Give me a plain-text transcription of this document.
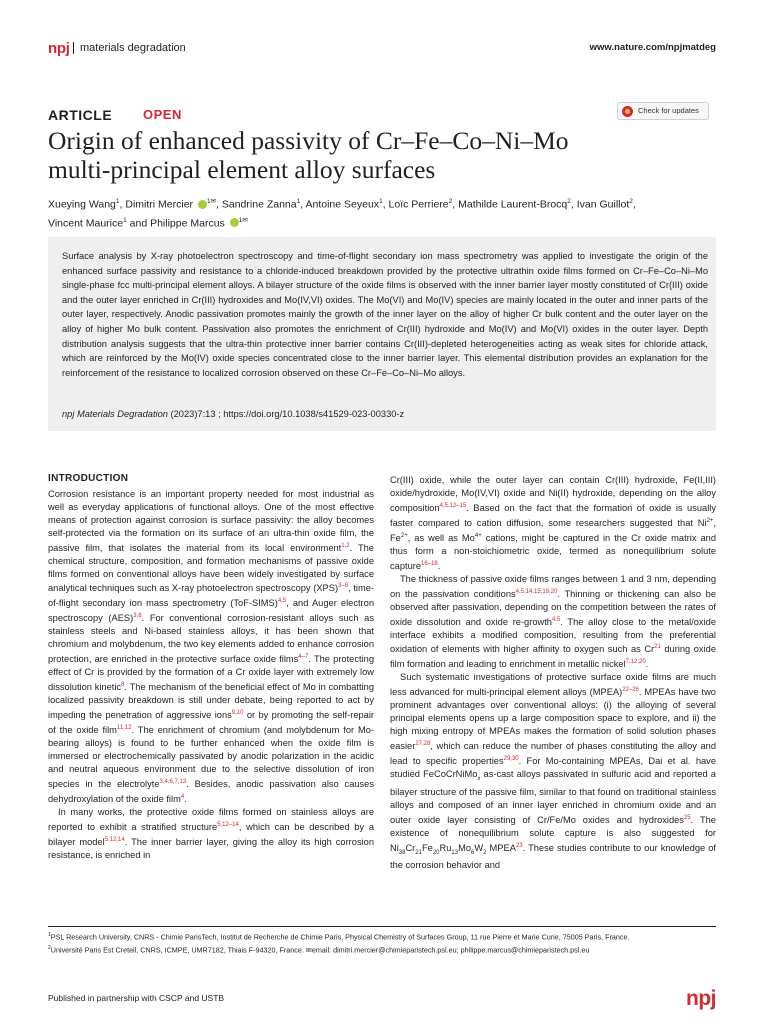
npj materials degradation	www.nature.com/npjmatdeg
ARTICLE OPEN	Check for updates
Origin of enhanced passivity of Cr–Fe–Co–Ni–Mo
multi-principal element alloy surfaces
Xueying Wang$^1$, Dimitri Mercier $^{1✉}$, Sandrine Zanna$^1$, Antoine Seyeux$^1$, Loïc Perriere$^2$, Mathilde Laurent-Brocq$^2$, Ivan Guillot$^2$,
Vincent Maurice$^1$ and Philippe Marcus $^{1✉}$
Surface analysis by X-ray photoelectron spectroscopy and time-of-flight secondary ion mass spectrometry was applied to investigate the origin of the enhanced surface passivity and resistance to a chloride-induced breakdown provided by the protective ultrathin oxide films formed on Cr–Fe–Co–Ni–Mo single-phase fcc multi-principal element alloys. A bilayer structure of the oxide films is observed with the inner barrier layer mostly constituted of Cr(III) oxide and the outer layer enriched in Cr(III) hydroxides and Mo(IV,VI) oxides. The Mo(VI) and Mo(IV) species are mainly located in the outer and inner parts of the outer layer, respectively. Anodic passivation promotes mainly the growth of the inner layer on the alloy of higher Cr bulk content and the outer layer on the alloy of higher Mo bulk content. Passivation also promotes the enrichment of Cr(III) hydroxide and Mo(IV) and Mo(VI) oxides in the outer layer. Depth distribution analysis suggests that the ultra-thin protective inner barrier contains Cr(III)-depleted heterogeneities acting as weak sites for chloride attack, which are reinforced by the Mo(IV) oxide species concentrated close to the inner barrier layer. This elemental distribution provides an explanation for the reinforcement of the resistance to localized corrosion observed on these Cr–Fe–Co–Ni–Mo alloys.
npj Materials Degradation (2023)7:13 ; https://doi.org/10.1038/s41529-023-00330-z
INTRODUCTION

Corrosion resistance is an important property needed for most industrial as well as everyday applications of functional alloys. One of the most effective means of protection against corrosion is surface passivity: the alloy becomes self-protected via the formation on its surface of an ultra-thin oxide film, the passive film, that isolates the material from its local environment$^{1,2}$. The chemical structure, composition, and formation mechanisms of passive oxide films formed on conventional alloys have been widely investigated by surface analytical techniques such as X-ray photoelectron spectroscopy (XPS)$^{3-6}$, time-of-flight secondary ion mass spectrometry (ToF-SIMS)$^{4,5}$, and Auger electron spectroscopy (AES)$^{3,6}$. For conventional corrosion-resistant alloys such as stainless steels and Ni-based stainless alloys, it has been shown that chromium and molybdenum, the two key elements added to enhance corrosion protection, are enriched in the protective surface oxide films$^{4-7}$. The protecting effect of Cr is provided by the formation of a Cr oxide layer with extremely low dissolution kinetic$^8$. The mechanism of the beneficial effect of Mo in combatting localized passivity breakdown is still under debate, being reported to act by impeding the penetration of aggressive ions$^{9,10}$ or by promoting the self-repair of the oxide film$^{11,12}$. The enrichment of chromium (and molybdenum for Mo-bearing alloys) is found to be further enhanced when the oxide film is immersed or electrochemically passivated by anodic polarization in the acidic and neutral aqueous environment due to the selective dissolution of iron species in the electrolyte$^{3,4,6,7,13}$. Besides, anodic passivation also causes dehydroxylation of the oxide film$^4$.

In many works, the protective oxide films formed on stainless alloys are reported to exhibit a stratified structure$^{5,12-14}$, which can be described by a bilayer model$^{5,12,14}$. The inner barrier layer, giving the alloy its high corrosion resistance, is enriched in

Cr(III) oxide, while the outer layer can contain Cr(III) hydroxide, Fe(II,III) oxide/hydroxide, Mo(IV,VI) oxide and Ni(II) hydroxide, depending on the alloy composition$^{4,5,12-15}$. Based on the fact that the formation of oxide is usually faster compared to cation diffusion, some researchers suggested that $Ni^{2+}$, $Fe^{2+}$, as well as $Mo^{4+}$ cations, might be captured in the Cr oxide matrix and thus form a non-stoichiometric oxide, termed as nonequilibrium solute capture$^{16-18}$.

The thickness of passive oxide films ranges between 1 and 3 nm, depending on the passivation conditions$^{4,5,14,15,19,20}$. Thinning or thickening can also be observed after passivation, depending on the competition between the rates of oxide dissolution and oxide re-growth$^{4,5}$. The alloy close to the metal/oxide interface exhibits a modified composition, resulting from the preferential oxidation of elements with higher affinity to oxygen such as Cr$^{21}$ during oxide film formation and leading to enrichment in metallic nickel$^{7,12,20}$.

Such systematic investigations of protective surface oxide films are much less advanced for multi-principal element alloys (MPEA)$^{22-26}$. MPEAs have two prominent advantages over conventional alloys: (i) the alloying of several principal elements opens up a large composition space to explore, and ii) the high mixing entropy of MPEAs makes the formation of solid solution phases easier$^{27,28}$, which can reduce the number of phases constituting the alloy and lead to specific properties$^{29,30}$. For Mo-containing MPEAs, Dai et al. have studied FeCoCrNiMo$_x$ as-cast alloys passivated in sulfuric acid and reported a bilayer structure of the passive film, similar to that found on traditional stainless alloys and composed of an inner layer enriched in chromium oxide and an outer oxide layer consisting of Cr/Fe/Mo oxides and hydroxides$^{25}$. The existence of nonequilibrium solute capture is also suggested for $Ni_{38}Cr_{21}Fe_{20}Ru_{13}Mo_6W_2$ MPEA$^{23}$. These studies contribute to our knowledge of the corrosion behavior and

$^1$PSL Research University, CNRS - Chimie ParisTech, Institut de Recherche de Chimie Paris, Physical Chemistry of Surfaces Group, 11 rue Pierre et Marie Curie, 75005 Paris, France.
$^2$Université Paris Est Creteil, CNRS, ICMPE, UMR7182, Thiais F-94320, France. ✉email: dimitri.mercier@chimieparistech.psl.eu; philippe.marcus@chimieparistech.psl.eu
Published in partnership with CSCP and USTB	npj
